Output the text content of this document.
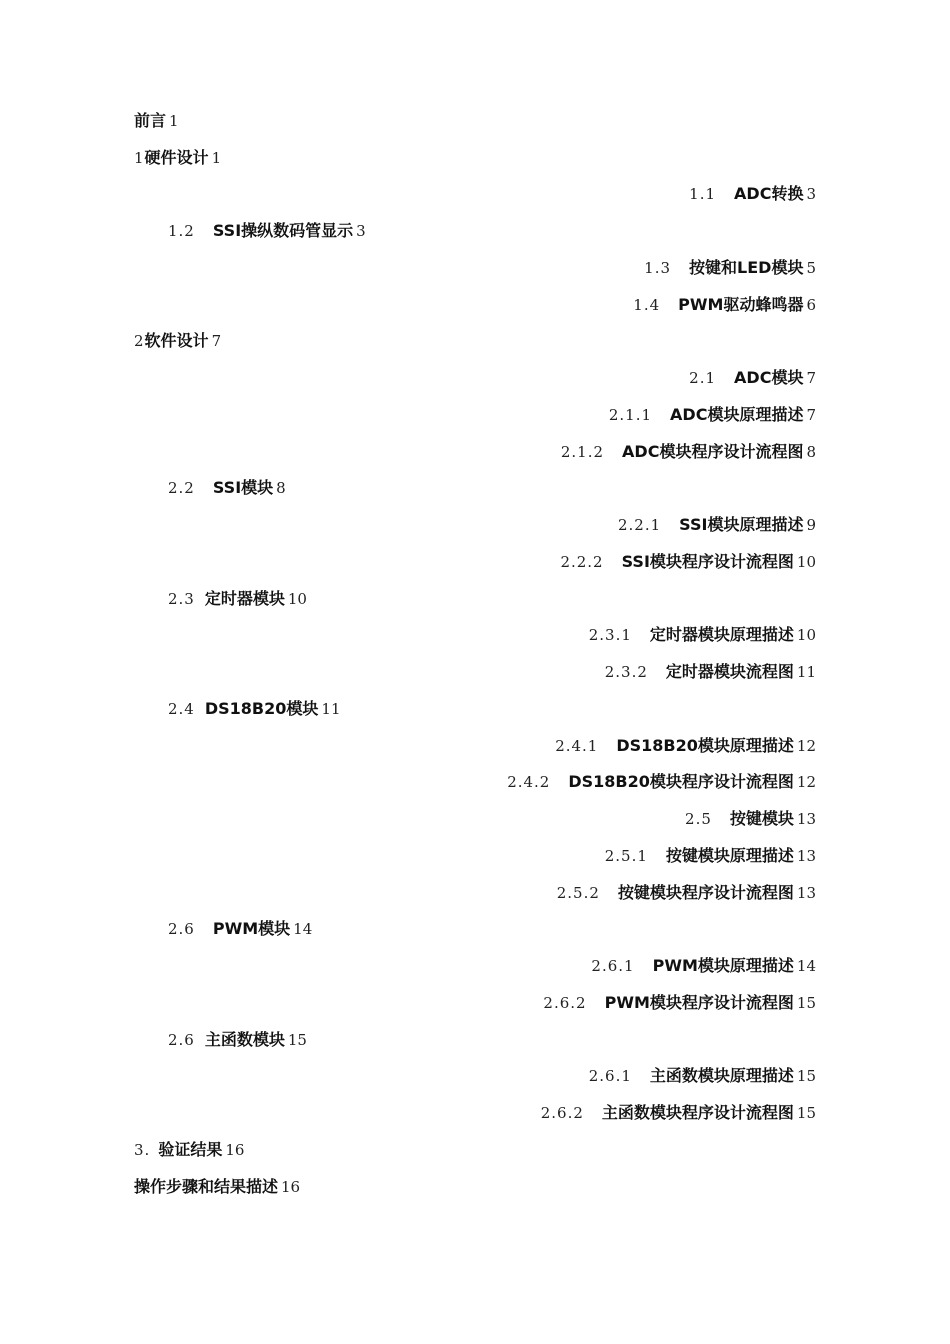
前言 1
1硬件设计 1
1.1 ADC转换 3
1.2 SSI操纵数码管显示 3
1.3 按键和LED模块 5
1.4 PWM驱动蜂鸣器 6
2软件设计 7
2.1 ADC模块 7
2.1.1 ADC模块原理描述 7
2.1.2 ADC模块程序设计流程图 8
2.2 SSI模块 8
2.2.1 SSI模块原理描述 9
2.2.2 SSI模块程序设计流程图 10
2.3 定时器模块 10
2.3.1 定时器模块原理描述 10
2.3.2 定时器模块流程图 11
2.4 DS18B20模块 11
2.4.1 DS18B20模块原理描述 12
2.4.2 DS18B20模块程序设计流程图 12
2.5 按键模块 13
2.5.1 按键模块原理描述 13
2.5.2 按键模块程序设计流程图 13
2.6 PWM模块 14
2.6.1 PWM模块原理描述 14
2.6.2 PWM模块程序设计流程图 15
2.6 主函数模块 15
2.6.1 主函数模块原理描述 15
2.6.2 主函数模块程序设计流程图 15
3. 验证结果 16
操作步骤和结果描述 16
